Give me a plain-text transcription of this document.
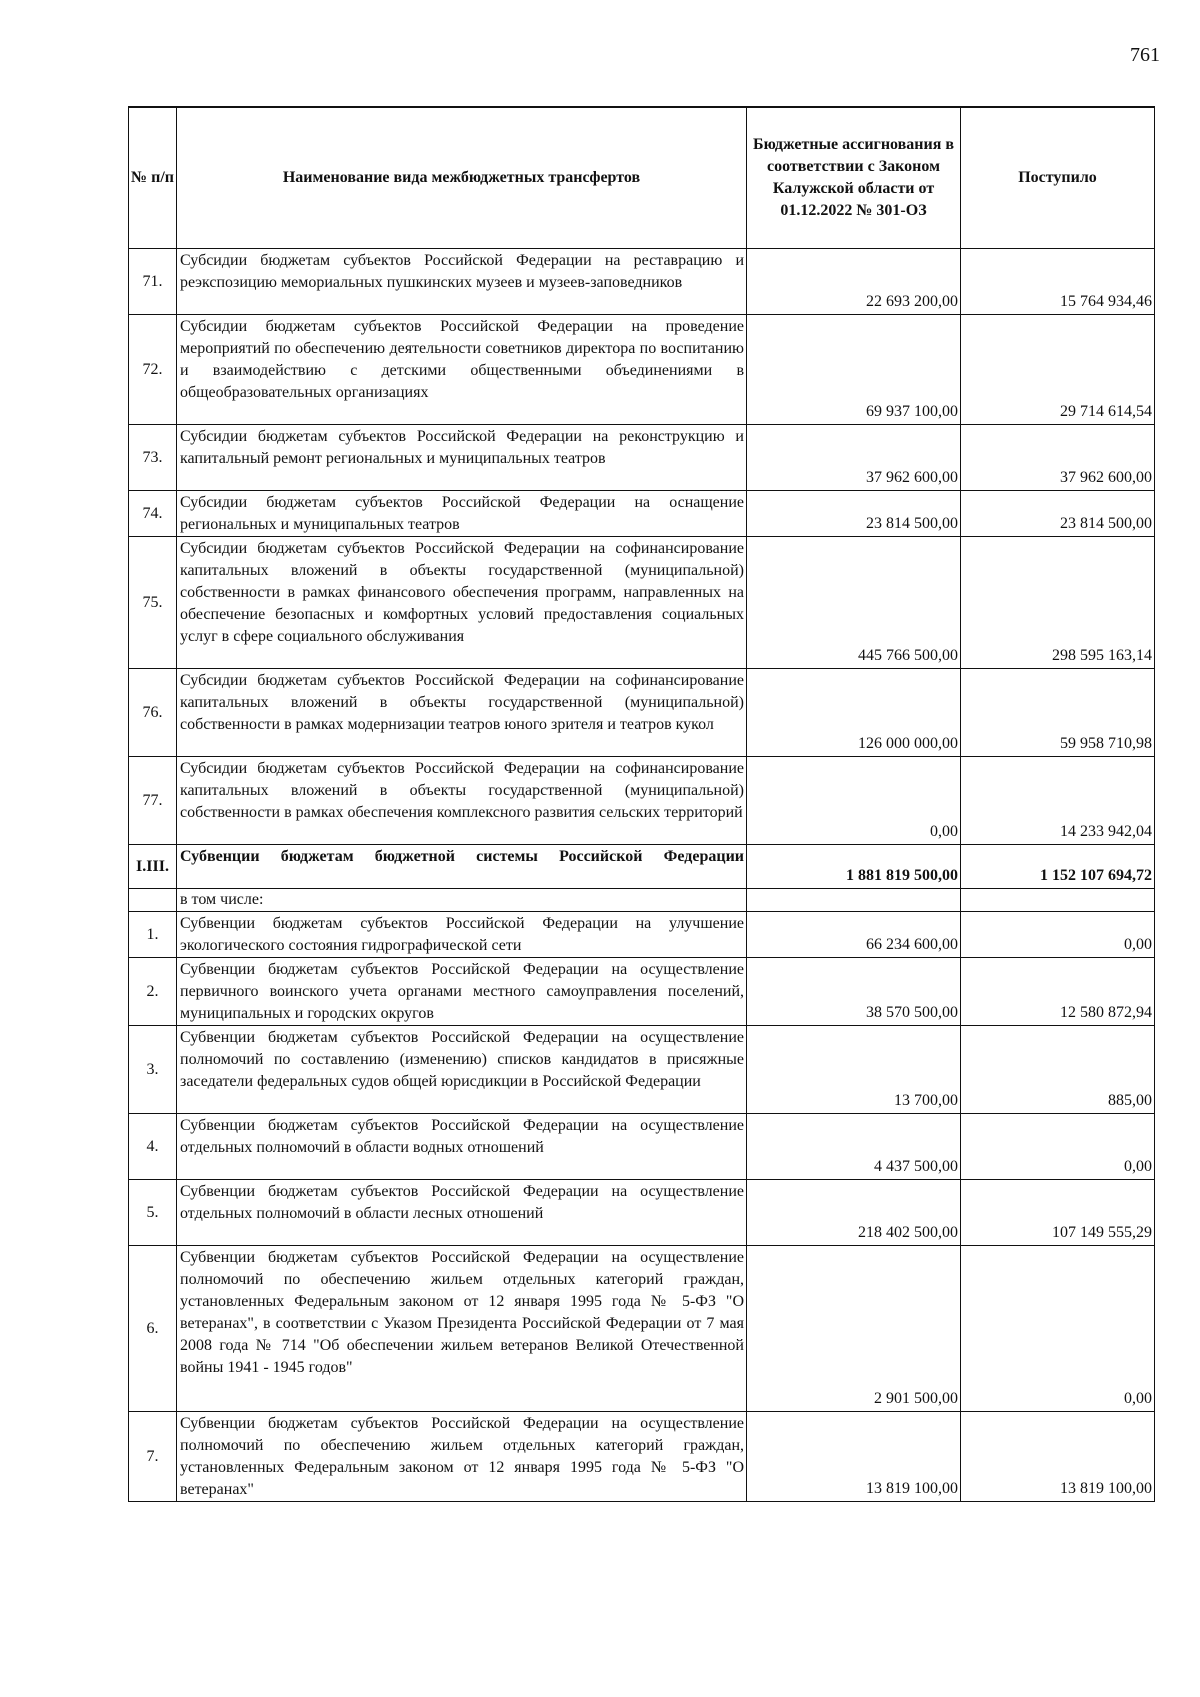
761
№ п/п	Наименование вида межбюджетных трансфертов	Бюджетные ассигнования в соответствии с Законом Калужской области от 01.12.2022 № 301-ОЗ	Поступило
71.	Субсидии бюджетам субъектов Российской Федерации на реставрацию и реэкспозицию мемориальных пушкинских музеев и музеев-заповедников	22 693 200,00	15 764 934,46
72.	Субсидии бюджетам субъектов Российской Федерации на проведение мероприятий по обеспечению деятельности советников директора по воспитанию и взаимодействию с детскими общественными объединениями в общеобразовательных организациях	69 937 100,00	29 714 614,54
73.	Субсидии бюджетам субъектов Российской Федерации на реконструкцию и капитальный ремонт региональных и муниципальных театров	37 962 600,00	37 962 600,00
74.	Субсидии бюджетам субъектов Российской Федерации на оснащение региональных и муниципальных театров	23 814 500,00	23 814 500,00
75.	Субсидии бюджетам субъектов Российской Федерации на софинансирование капитальных вложений в объекты государственной (муниципальной) собственности в рамках финансового обеспечения программ, направленных на обеспечение безопасных и комфортных условий предоставления социальных услуг в сфере социального обслуживания	445 766 500,00	298 595 163,14
76.	Субсидии бюджетам субъектов Российской Федерации на софинансирование капитальных вложений в объекты государственной (муниципальной) собственности в рамках модернизации театров юного зрителя и театров кукол	126 000 000,00	59 958 710,98
77.	Субсидии бюджетам субъектов Российской Федерации на софинансирование капитальных вложений в объекты государственной (муниципальной) собственности в рамках обеспечения комплексного развития сельских территорий	0,00	14 233 942,04
I.III.	Субвенции бюджетам бюджетной системы Российской Федерации	1 881 819 500,00	1 152 107 694,72
	в том числе:		
1.	Субвенции бюджетам субъектов Российской Федерации на улучшение экологического состояния гидрографической сети	66 234 600,00	0,00
2.	Субвенции бюджетам субъектов Российской Федерации на осуществление первичного воинского учета органами местного самоуправления поселений, муниципальных и городских округов	38 570 500,00	12 580 872,94
3.	Субвенции бюджетам субъектов Российской Федерации на осуществление полномочий по составлению (изменению) списков кандидатов в присяжные заседатели федеральных судов общей юрисдикции в Российской Федерации	13 700,00	885,00
4.	Субвенции бюджетам субъектов Российской Федерации на осуществление отдельных полномочий в области водных отношений	4 437 500,00	0,00
5.	Субвенции бюджетам субъектов Российской Федерации на осуществление отдельных полномочий в области лесных отношений	218 402 500,00	107 149 555,29
6.	Субвенции бюджетам субъектов Российской Федерации на осуществление полномочий по обеспечению жильем отдельных категорий граждан, установленных Федеральным законом от 12 января 1995 года № 5-ФЗ "О ветеранах", в соответствии с Указом Президента Российской Федерации от 7 мая 2008 года № 714 "Об обеспечении жильем ветеранов Великой Отечественной войны 1941 - 1945 годов"	2 901 500,00	0,00
7.	Субвенции бюджетам субъектов Российской Федерации на осуществление полномочий по обеспечению жильем отдельных категорий граждан, установленных Федеральным законом от 12 января 1995 года № 5-ФЗ "О ветеранах"	13 819 100,00	13 819 100,00
